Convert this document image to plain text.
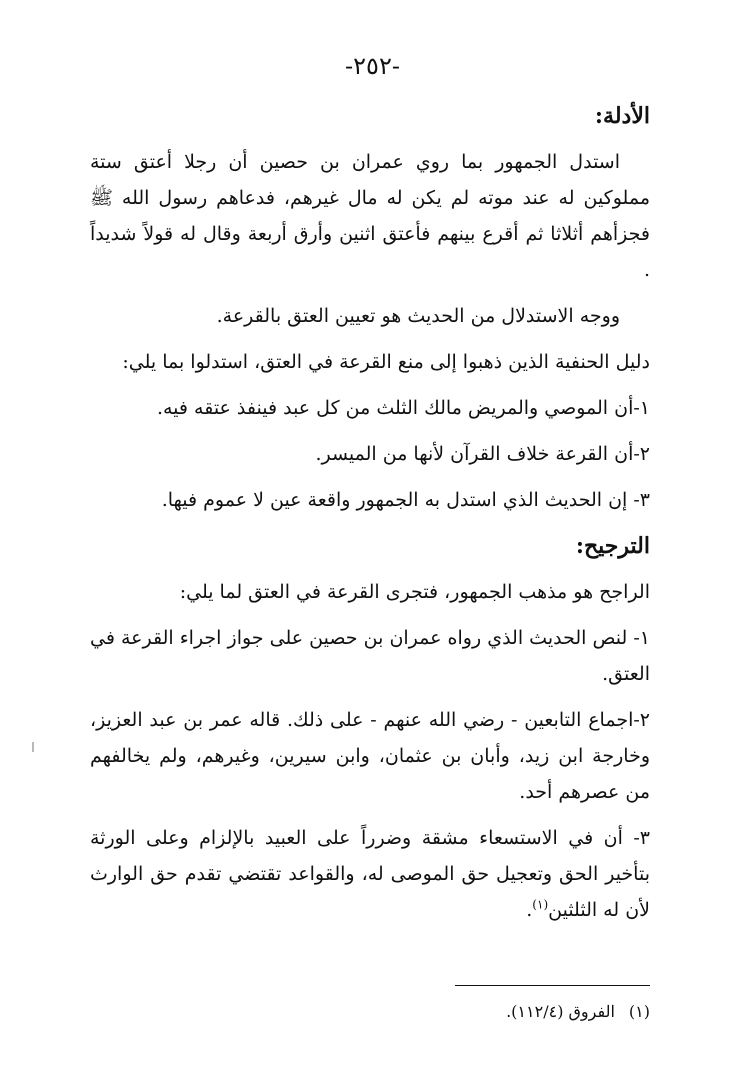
-٢٥٢-
الأدلة:

استدل الجمهور بما روي عمران بن حصين أن رجلا أعتق ستة مملوكين له عند موته لم يكن له مال غيرهم، فدعاهم رسول الله ﷺ فجزأهم أثلاثا ثم أقرع بينهم فأعتق اثنين وأرق أربعة وقال له قولاً شديداً .

ووجه الاستدلال من الحديث هو تعيين العتق بالقرعة.

دليل الحنفية الذين ذهبوا إلى منع القرعة في العتق، استدلوا بما يلي:

١-أن الموصي والمريض مالك الثلث من كل عبد فينفذ عتقه فيه.

٢-أن القرعة خلاف القرآن لأنها من الميسر.

٣- إن الحديث الذي استدل به الجمهور واقعة عين لا عموم فيها.

الترجيح:

الراجح هو مذهب الجمهور، فتجرى القرعة في العتق لما يلي:

١- لنص الحديث الذي رواه عمران بن حصين على جواز اجراء القرعة في العتق.

٢-اجماع التابعين - رضي الله عنهم - على ذلك. قاله عمر بن عبد العزيز، وخارجة ابن زيد، وأبان بن عثمان، وابن سيرين، وغيرهم، ولم يخالفهم من عصرهم أحد.

٣- أن في الاستسعاء مشقة وضرراً على العبيد بالإلزام وعلى الورثة بتأخير الحق وتعجيل حق الموصى له، والقواعد تقتضي تقدم حق الوارث لأن له الثلثين$^{(١)}$.

(١)الفروق (١١٢/٤).
